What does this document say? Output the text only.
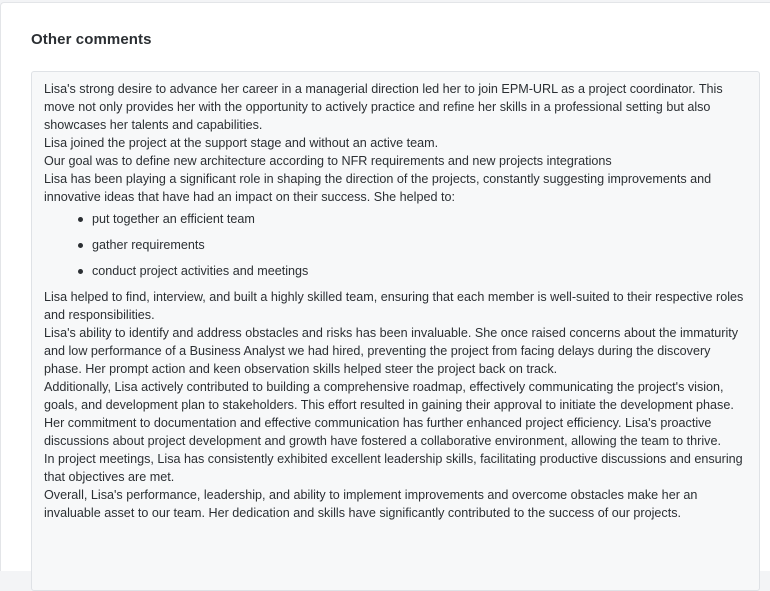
Other comments

Lisa's strong desire to advance her career in a managerial direction led her to join EPM-URL as a project coordinator. This move not only provides her with the opportunity to actively practice and refine her skills in a professional setting but also showcases her talents and capabilities.

Lisa joined the project at the support stage and without an active team.

Our goal was to define new architecture according to NFR requirements and new projects integrations

Lisa has been playing a significant role in shaping the direction of the projects, constantly suggesting improvements and innovative ideas that have had an impact on their success. She helped to:

put together an efficient team
gather requirements
conduct project activities and meetings

Lisa helped to find, interview, and built a highly skilled team, ensuring that each member is well-suited to their respective roles and responsibilities.

Lisa's ability to identify and address obstacles and risks has been invaluable. She once raised concerns about the immaturity and low performance of a Business Analyst we had hired, preventing the project from facing delays during the discovery phase. Her prompt action and keen observation skills helped steer the project back on track.

Additionally, Lisa actively contributed to building a comprehensive roadmap, effectively communicating the project's vision, goals, and development plan to stakeholders. This effort resulted in gaining their approval to initiate the development phase.

Her commitment to documentation and effective communication has further enhanced project efficiency. Lisa's proactive discussions about project development and growth have fostered a collaborative environment, allowing the team to thrive.

In project meetings, Lisa has consistently exhibited excellent leadership skills, facilitating productive discussions and ensuring that objectives are met.

Overall, Lisa's performance, leadership, and ability to implement improvements and overcome obstacles make her an invaluable asset to our team. Her dedication and skills have significantly contributed to the success of our projects.
